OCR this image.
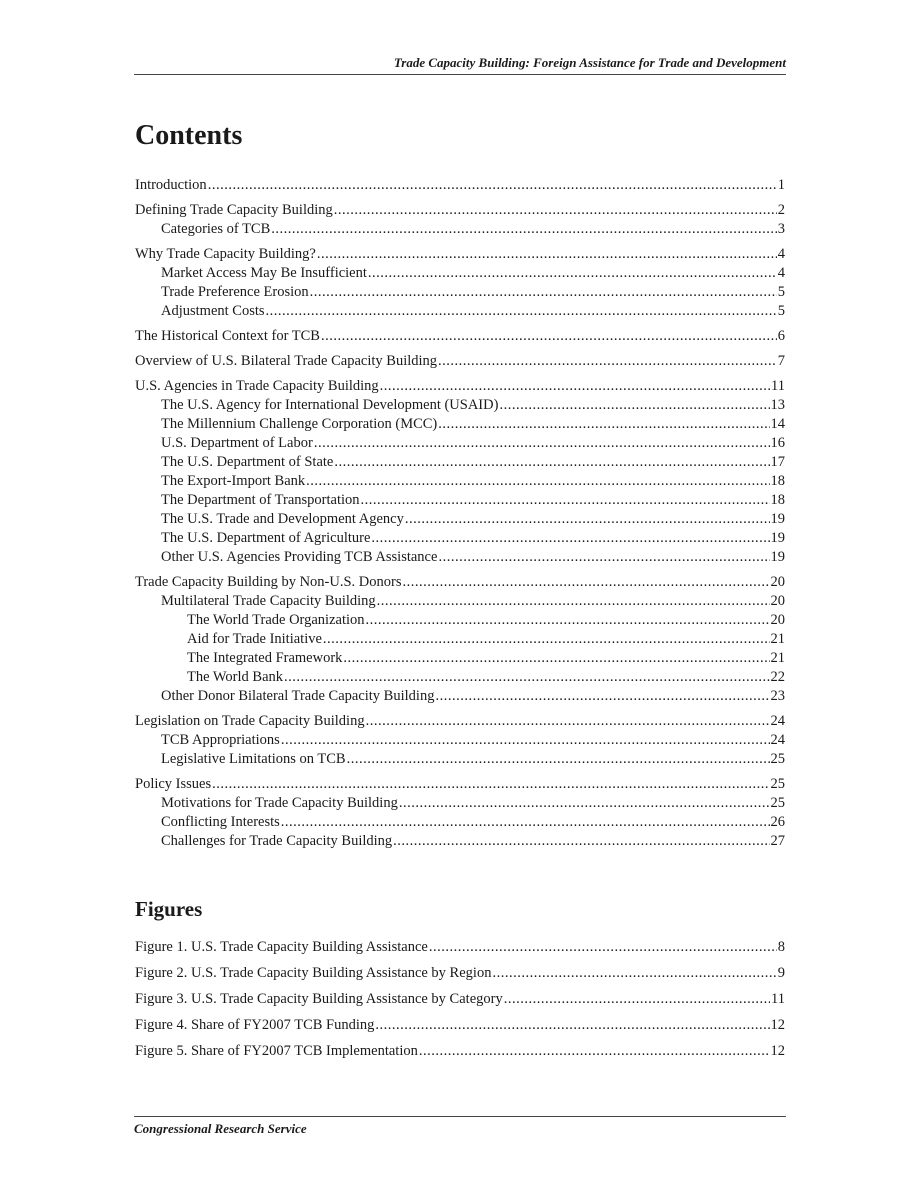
Trade Capacity Building: Foreign Assistance for Trade and Development
Contents
Introduction .....	1
Defining Trade Capacity Building .....	2
Categories of TCB .....	3
Why Trade Capacity Building? .....	4
Market Access May Be Insufficient .....	4
Trade Preference Erosion .....	5
Adjustment Costs .....	5
The Historical Context for TCB .....	6
Overview of U.S. Bilateral Trade Capacity Building .....	7
U.S. Agencies in Trade Capacity Building .....	11
The U.S. Agency for International Development (USAID) .....	13
The Millennium Challenge Corporation (MCC) .....	14
U.S. Department of Labor .....	16
The U.S. Department of State .....	17
The Export-Import Bank .....	18
The Department of Transportation .....	18
The U.S. Trade and Development Agency .....	19
The U.S. Department of Agriculture .....	19
Other U.S. Agencies Providing TCB Assistance .....	19
Trade Capacity Building by Non-U.S. Donors .....	20
Multilateral Trade Capacity Building .....	20
The World Trade Organization .....	20
Aid for Trade Initiative .....	21
The Integrated Framework .....	21
The World Bank .....	22
Other Donor Bilateral Trade Capacity Building .....	23
Legislation on Trade Capacity Building .....	24
TCB Appropriations .....	24
Legislative Limitations on TCB .....	25
Policy Issues .....	25
Motivations for Trade Capacity Building .....	25
Conflicting Interests .....	26
Challenges for Trade Capacity Building .....	27
Figures
Figure 1. U.S. Trade Capacity Building Assistance .....	8
Figure 2. U.S. Trade Capacity Building Assistance by Region .....	9
Figure 3. U.S. Trade Capacity Building Assistance by Category .....	11
Figure 4. Share of FY2007 TCB Funding .....	12
Figure 5. Share of FY2007 TCB Implementation .....	12
Congressional Research Service
